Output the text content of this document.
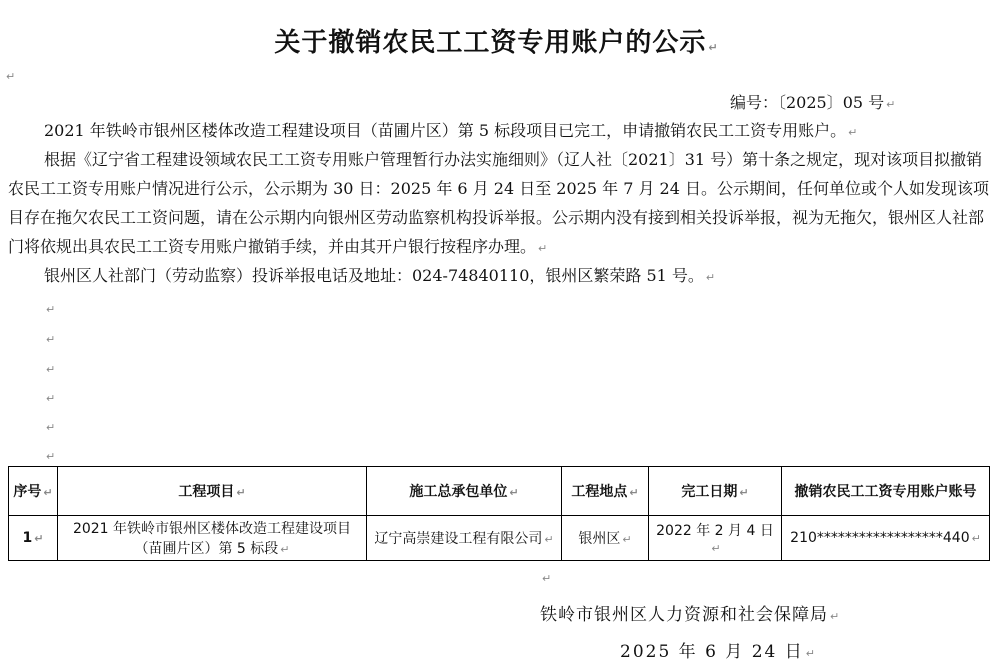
关于撤销农民工工资专用账户的公示 ↵
↵
编号：〔2025〕05 号 ↵
2021 年铁岭市银州区楼体改造工程建设项目（苗圃片区）第 5 标段项目已完工，申请撤销农民工工资专用账户。 ↵
根据《辽宁省工程建设领域农民工工资专用账户管理暂行办法实施细则》（辽人社〔2021〕31 号）第十条之规定，现对该项目拟撤销农民工工资专用账户情况进行公示，公示期为 30 日：2025 年 6 月 24 日至 2025 年 7 月 24 日。公示期间，任何单位或个人如发现该项目存在拖欠农民工工资问题，请在公示期内向银州区劳动监察机构投诉举报。公示期内没有接到相关投诉举报，视为无拖欠，银州区人社部门将依规出具农民工工资专用账户撤销手续，并由其开户银行按程序办理。 ↵
银州区人社部门（劳动监察）投诉举报电话及地址：024-74840110，银州区繁荣路 51 号。 ↵
↵
↵
↵
↵
↵
↵
序号 ↵	工程项目 ↵	施工总承包单位 ↵	工程地点 ↵	完工日期 ↵	撤销农民工工资专用账户账号
1 ↵	2021 年铁岭市银州区楼体改造工程建设项目（苗圃片区）第 5 标段 ↵	辽宁高崇建设工程有限公司 ↵	银州区 ↵	2022 年 2 月 4 日↵	210******************440 ↵
↵
铁岭市银州区人力资源和社会保障局 ↵
2025 年 6 月 24 日 ↵
